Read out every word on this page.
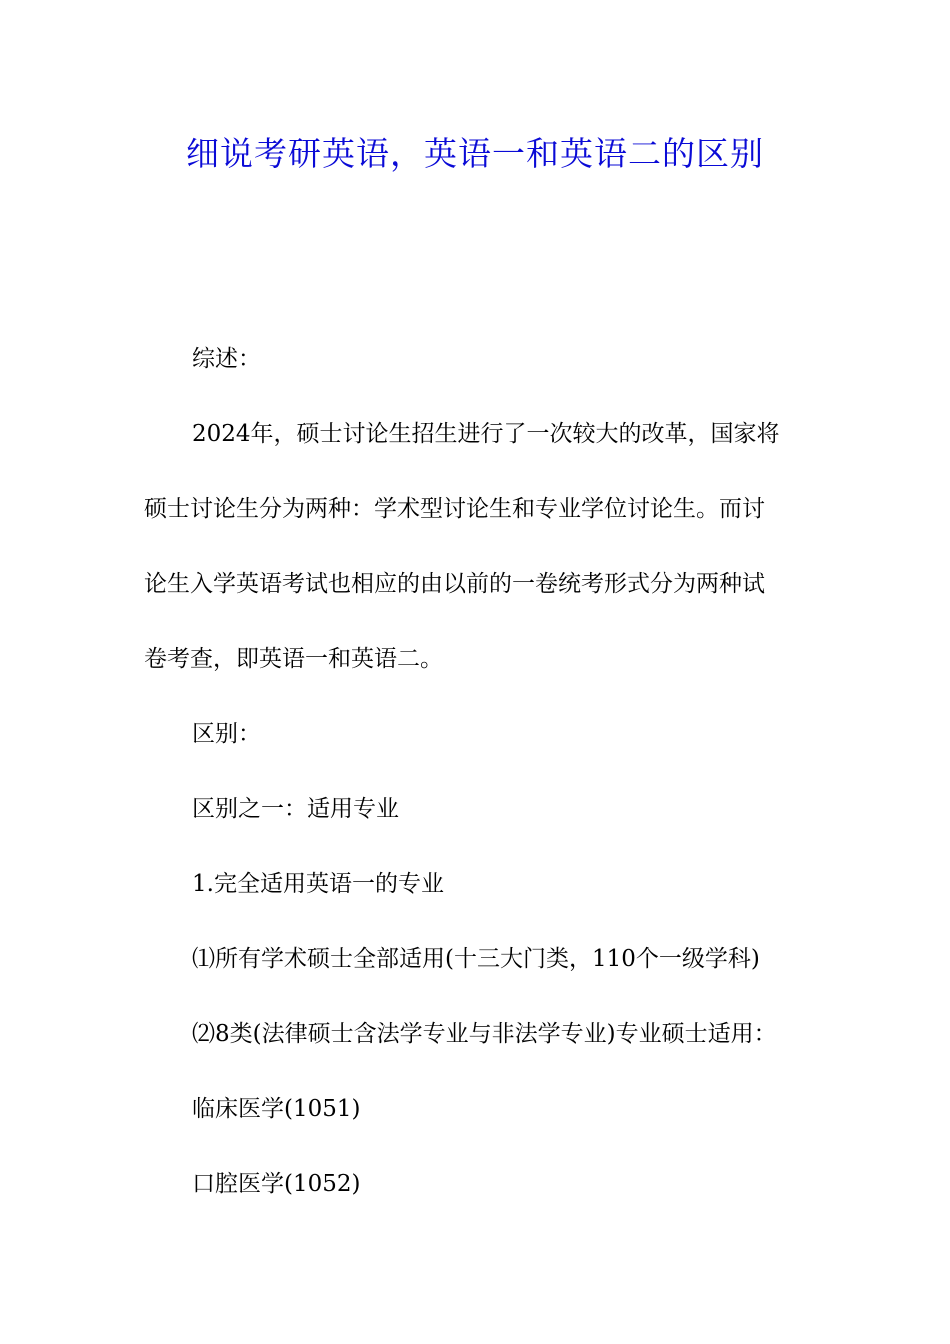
细说考研英语，英语一和英语二的区别
综述：
2024年，硕士讨论生招生进行了一次较大的改革，国家将
硕士讨论生分为两种：学术型讨论生和专业学位讨论生。而讨
论生入学英语考试也相应的由以前的一卷统考形式分为两种试
卷考查，即英语一和英语二。
区别：
区别之一：适用专业
1.完全适用英语一的专业
⑴所有学术硕士全部适用(十三大门类，110个一级学科)
⑵8类(法律硕士含法学专业与非法学专业)专业硕士适用：
临床医学(1051)
口腔医学(1052)
